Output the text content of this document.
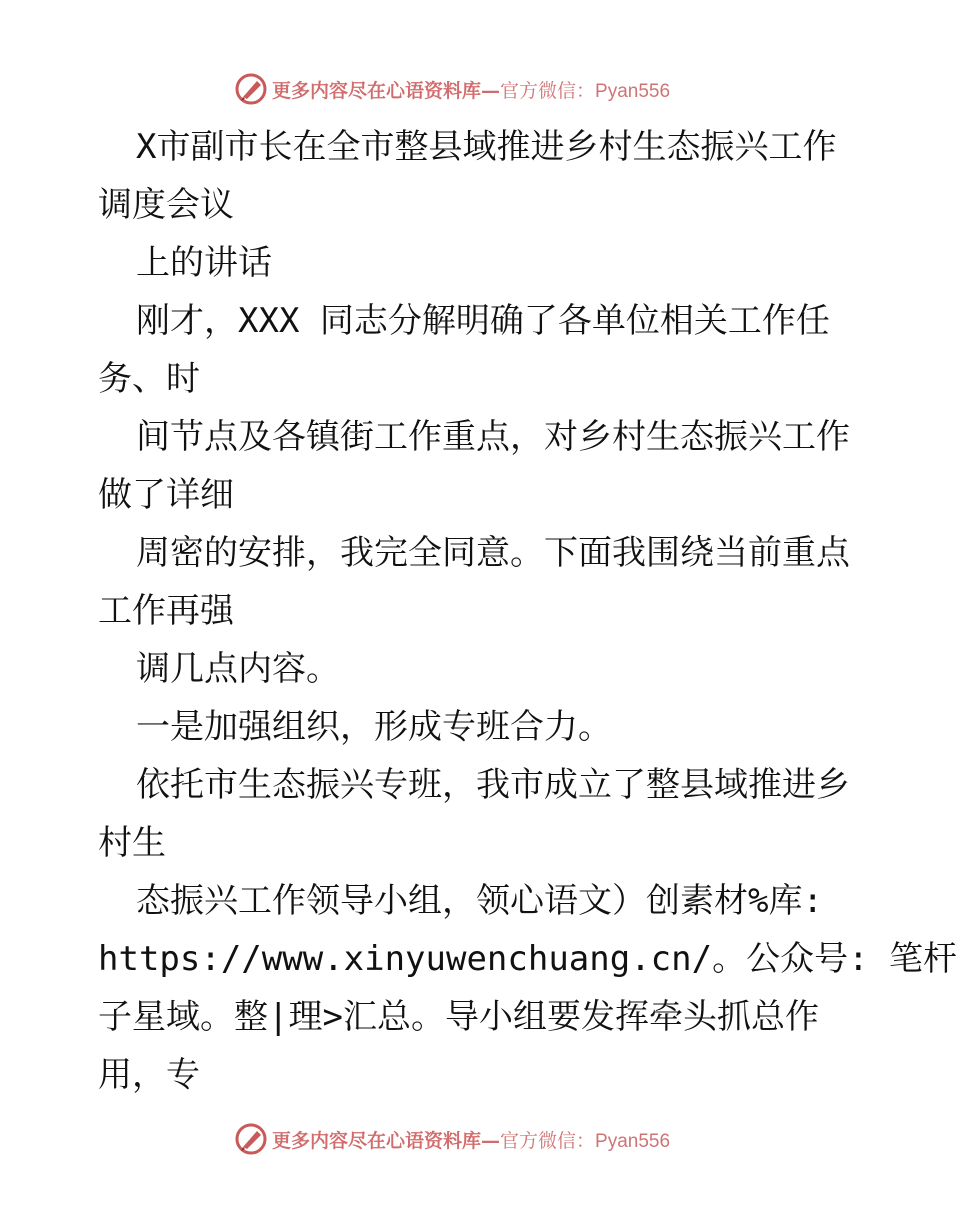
更多内容尽在心语资料库—官方微信：Pyan556
X市副市长在全市整县域推进乡村生态振兴工作
调度会议
上的讲话
刚才，XXX 同志分解明确了各单位相关工作任
务、时
间节点及各镇街工作重点，对乡村生态振兴工作
做了详细
周密的安排，我完全同意。下面我围绕当前重点
工作再强
调几点内容。
一是加强组织，形成专班合力。
依托市生态振兴专班，我市成立了整县域推进乡
村生
态振兴工作领导小组，领心语文）创素材%库:
https://www.xinyuwenchuang.cn/。公众号: 笔杆
子星域。整|理>汇总。导小组要发挥牵头抓总作
用，专
更多内容尽在心语资料库—官方微信：Pyan556
